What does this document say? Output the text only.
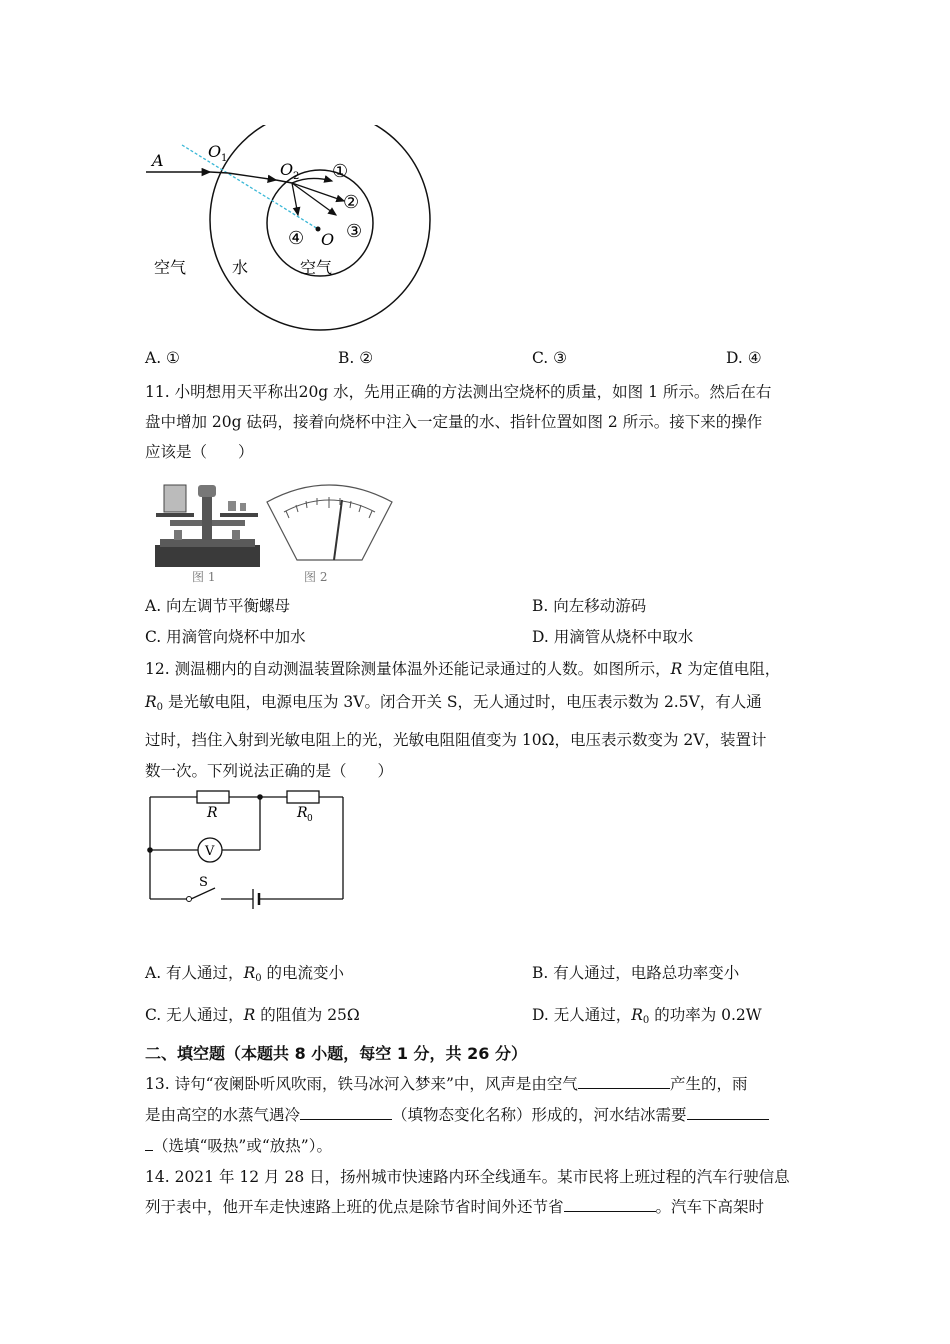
A	O 1
O 2
O
①
②
③
④
空气	水	空气
A. ①	B. ②	C. ③	D. ④
11. 小明想用天平称出20g 水，先用正确的方法测出空烧杯的质量，如图 1 所示。然后在右
盘中增加 20g 砝码，接着向烧杯中注入一定量的水、指针位置如图 2 所示。接下来的操作
应该是（　　）
图 1	图 2
A. 向左调节平衡螺母	B. 向左移动游码
C. 用滴管向烧杯中加水	D. 用滴管从烧杯中取水
12. 测温棚内的自动测温装置除测量体温外还能记录通过的人数。如图所示，R 为定值电阻，
$R_0$ 是光敏电阻，电源电压为 3V。闭合开关 S，无人通过时，电压表示数为 2.5V，有人通
过时，挡住入射到光敏电阻上的光，光敏电阻阻值变为 10Ω，电压表示数变为 2V，装置计
数一次。下列说法正确的是（　　）
R	R 0
V
S
A. 有人通过，$R_0$ 的电流变小	B. 有人通过，电路总功率变小
C. 无人通过，R 的阻值为 25Ω	D. 无人通过，$R_0$ 的功率为 0.2W
二、填空题（本题共 8 小题，每空 1 分，共 26 分）
13. 诗句“夜阑卧听风吹雨，铁马冰河入梦来”中，风声是由空气	产生的，雨
是由高空的水蒸气遇冷	（填物态变化名称）形成的，河水结冰需要
（选填“吸热”或“放热”）。
14. 2021 年 12 月 28 日，扬州城市快速路内环全线通车。某市民将上班过程的汽车行驶信息
列于表中，他开车走快速路上班的优点是除节省时间外还节省	。汽车下高架时
